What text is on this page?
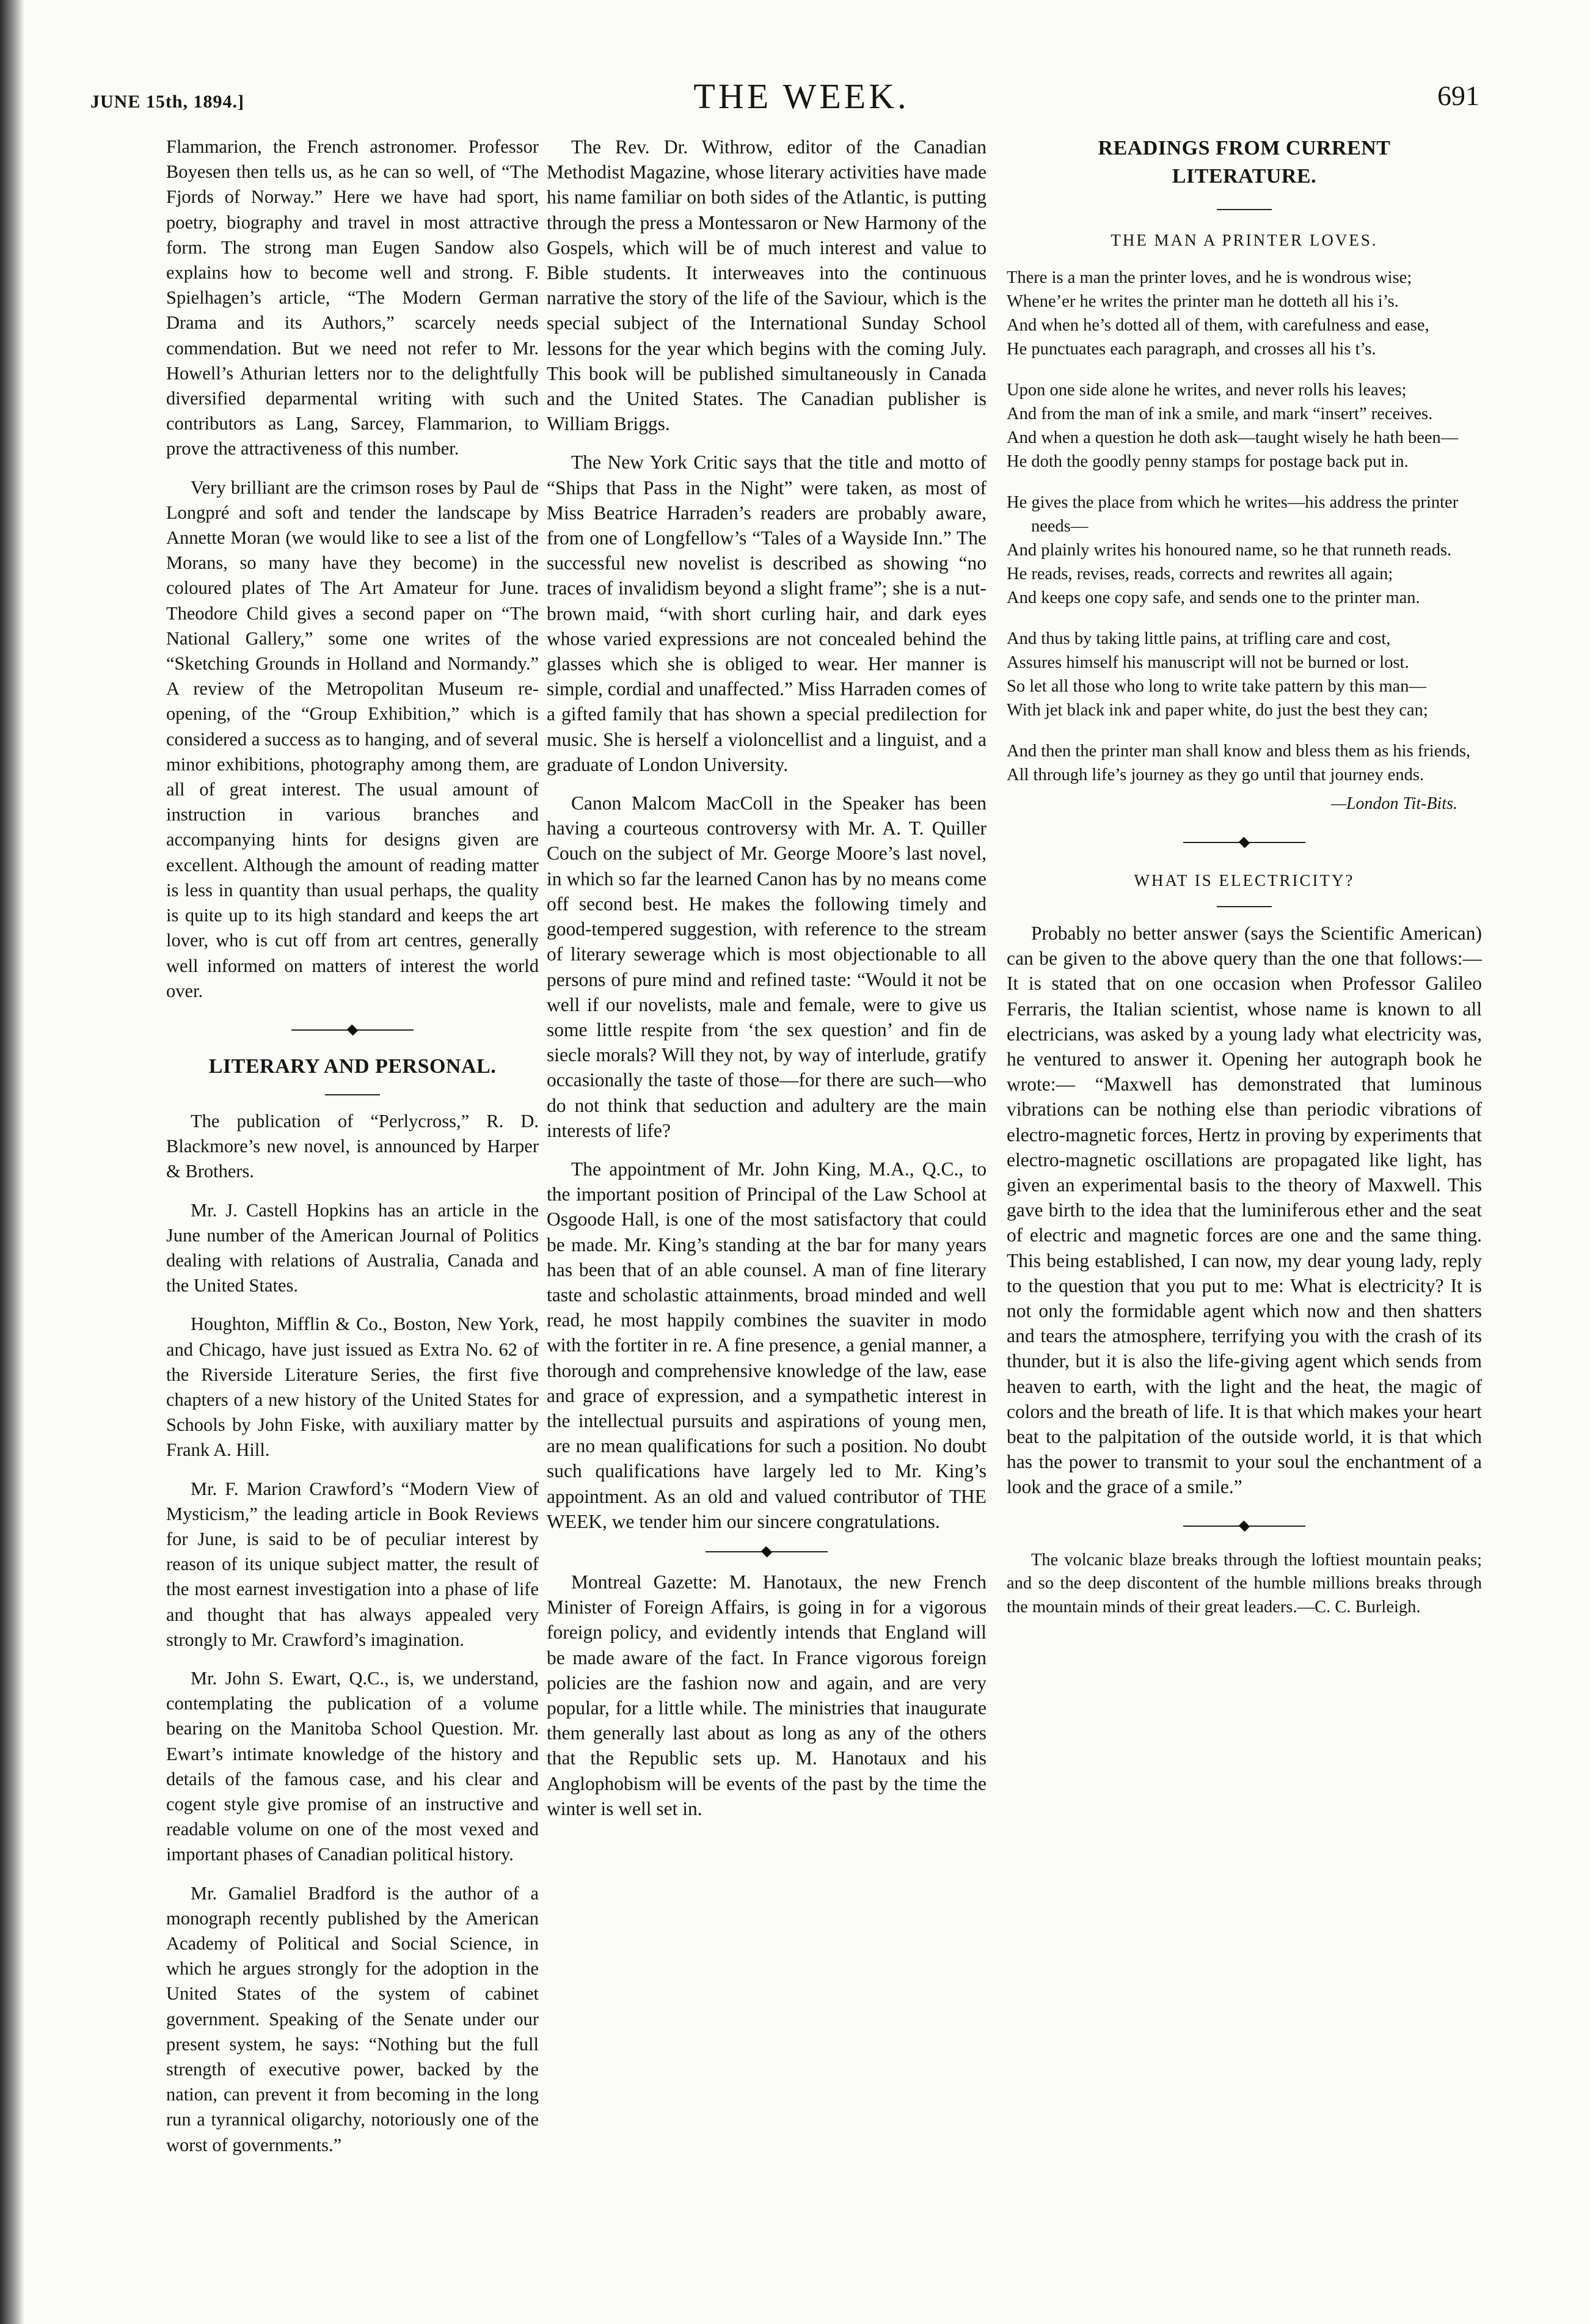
JUNE 15th, 1894.]	THE WEEK.	691

Flammarion, the French astronomer. Professor Boyesen then tells us, as he can so well, of “The Fjords of Norway.” Here we have had sport, poetry, biography and travel in most attractive form. The strong man Eugen Sandow also explains how to become well and strong. F. Spielhagen’s article, “The Modern German Drama and its Authors,” scarcely needs commendation. But we need not refer to Mr. Howell’s Athurian letters nor to the delightfully diversified deparmental writing with such contributors as Lang, Sarcey, Flammarion, to prove the attractiveness of this number.

Very brilliant are the crimson roses by Paul de Longpré and soft and tender the landscape by Annette Moran (we would like to see a list of the Morans, so many have they become) in the coloured plates of The Art Amateur for June. Theodore Child gives a second paper on “The National Gallery,” some one writes of the “Sketching Grounds in Holland and Normandy.” A review of the Metropolitan Museum re-opening, of the “Group Exhibition,” which is considered a success as to hanging, and of several minor exhibitions, photography among them, are all of great interest. The usual amount of instruction in various branches and accompanying hints for designs given are excellent. Although the amount of reading matter is less in quantity than usual perhaps, the quality is quite up to its high standard and keeps the art lover, who is cut off from art centres, generally well informed on matters of interest the world over.

LITERARY AND PERSONAL.

The publication of “Perlycross,” R. D. Blackmore’s new novel, is announced by Harper & Brothers.

Mr. J. Castell Hopkins has an article in the June number of the American Journal of Politics dealing with relations of Australia, Canada and the United States.

Houghton, Mifflin & Co., Boston, New York, and Chicago, have just issued as Extra No. 62 of the Riverside Literature Series, the first five chapters of a new history of the United States for Schools by John Fiske, with auxiliary matter by Frank A. Hill.

Mr. F. Marion Crawford’s “Modern View of Mysticism,” the leading article in Book Reviews for June, is said to be of peculiar interest by reason of its unique subject matter, the result of the most earnest investigation into a phase of life and thought that has always appealed very strongly to Mr. Crawford’s imagination.

Mr. John S. Ewart, Q.C., is, we understand, contemplating the publication of a volume bearing on the Manitoba School Question. Mr. Ewart’s intimate knowledge of the history and details of the famous case, and his clear and cogent style give promise of an instructive and readable volume on one of the most vexed and important phases of Canadian political history.

Mr. Gamaliel Bradford is the author of a monograph recently published by the American Academy of Political and Social Science, in which he argues strongly for the adoption in the United States of the system of cabinet government. Speaking of the Senate under our present system, he says: “Nothing but the full strength of executive power, backed by the nation, can prevent it from becoming in the long run a tyrannical oligarchy, notoriously one of the worst of governments.”

The Rev. Dr. Withrow, editor of the Canadian Methodist Magazine, whose literary activities have made his name familiar on both sides of the Atlantic, is putting through the press a Montessaron or New Harmony of the Gospels, which will be of much interest and value to Bible students. It interweaves into the continuous narrative the story of the life of the Saviour, which is the special subject of the International Sunday School lessons for the year which begins with the coming July. This book will be published simultaneously in Canada and the United States. The Canadian publisher is William Briggs.

The New York Critic says that the title and motto of “Ships that Pass in the Night” were taken, as most of Miss Beatrice Harraden’s readers are probably aware, from one of Longfellow’s “Tales of a Wayside Inn.” The successful new novelist is described as showing “no traces of invalidism beyond a slight frame”; she is a nut-brown maid, “with short curling hair, and dark eyes whose varied expressions are not concealed behind the glasses which she is obliged to wear. Her manner is simple, cordial and unaffected.” Miss Harraden comes of a gifted family that has shown a special predilection for music. She is herself a violoncellist and a linguist, and a graduate of London University.

Canon Malcom MacColl in the Speaker has been having a courteous controversy with Mr. A. T. Quiller Couch on the subject of Mr. George Moore’s last novel, in which so far the learned Canon has by no means come off second best. He makes the following timely and good-tempered suggestion, with reference to the stream of literary sewerage which is most objectionable to all persons of pure mind and refined taste: “Would it not be well if our novelists, male and female, were to give us some little respite from ‘the sex question’ and fin de siecle morals? Will they not, by way of interlude, gratify occasionally the taste of those—for there are such—who do not think that seduction and adultery are the main interests of life?

The appointment of Mr. John King, M.A., Q.C., to the important position of Principal of the Law School at Osgoode Hall, is one of the most satisfactory that could be made. Mr. King’s standing at the bar for many years has been that of an able counsel. A man of fine literary taste and scholastic attainments, broad minded and well read, he most happily combines the suaviter in modo with the fortiter in re. A fine presence, a genial manner, a thorough and comprehensive knowledge of the law, ease and grace of expression, and a sympathetic interest in the intellectual pursuits and aspirations of young men, are no mean qualifications for such a position. No doubt such qualifications have largely led to Mr. King’s appointment. As an old and valued contributor of THE WEEK, we tender him our sincere congratulations.

Montreal Gazette: M. Hanotaux, the new French Minister of Foreign Affairs, is going in for a vigorous foreign policy, and evidently intends that England will be made aware of the fact. In France vigorous foreign policies are the fashion now and again, and are very popular, for a little while. The ministries that inaugurate them generally last about as long as any of the others that the Republic sets up. M. Hanotaux and his Anglophobism will be events of the past by the time the winter is well set in.

READINGS FROM CURRENT
LITERATURE.
THE MAN A PRINTER LOVES.
There is a man the printer loves, and he is wondrous wise;
Whene’er he writes the printer man he dotteth all his i’s.
And when he’s dotted all of them, with carefulness and ease,
He punctuates each paragraph, and crosses all his t’s.
Upon one side alone he writes, and never rolls his leaves;
And from the man of ink a smile, and mark “insert” receives.
And when a question he doth ask—taught wisely he hath been—
He doth the goodly penny stamps for postage back put in.
He gives the place from which he writes—his address the printer needs—
And plainly writes his honoured name, so he that runneth reads.
He reads, revises, reads, corrects and rewrites all again;
And keeps one copy safe, and sends one to the printer man.
And thus by taking little pains, at trifling care and cost,
Assures himself his manuscript will not be burned or lost.
So let all those who long to write take pattern by this man—
With jet black ink and paper white, do just the best they can;
And then the printer man shall know and bless them as his friends,
All through life’s journey as they go until that journey ends.
—London Tit-Bits.
WHAT IS ELECTRICITY?

Probably no better answer (says the Scientific American) can be given to the above query than the one that follows:— It is stated that on one occasion when Professor Galileo Ferraris, the Italian scientist, whose name is known to all electricians, was asked by a young lady what electricity was, he ventured to answer it. Opening her autograph book he wrote:— “Maxwell has demonstrated that luminous vibrations can be nothing else than periodic vibrations of electro-magnetic forces, Hertz in proving by experiments that electro-magnetic oscillations are propagated like light, has given an experimental basis to the theory of Maxwell. This gave birth to the idea that the luminiferous ether and the seat of electric and magnetic forces are one and the same thing. This being established, I can now, my dear young lady, reply to the question that you put to me: What is electricity? It is not only the formidable agent which now and then shatters and tears the atmosphere, terrifying you with the crash of its thunder, but it is also the life-giving agent which sends from heaven to earth, with the light and the heat, the magic of colors and the breath of life. It is that which makes your heart beat to the palpitation of the outside world, it is that which has the power to transmit to your soul the enchantment of a look and the grace of a smile.”

The volcanic blaze breaks through the loftiest mountain peaks; and so the deep discontent of the humble millions breaks through the mountain minds of their great leaders.—C. C. Burleigh.
